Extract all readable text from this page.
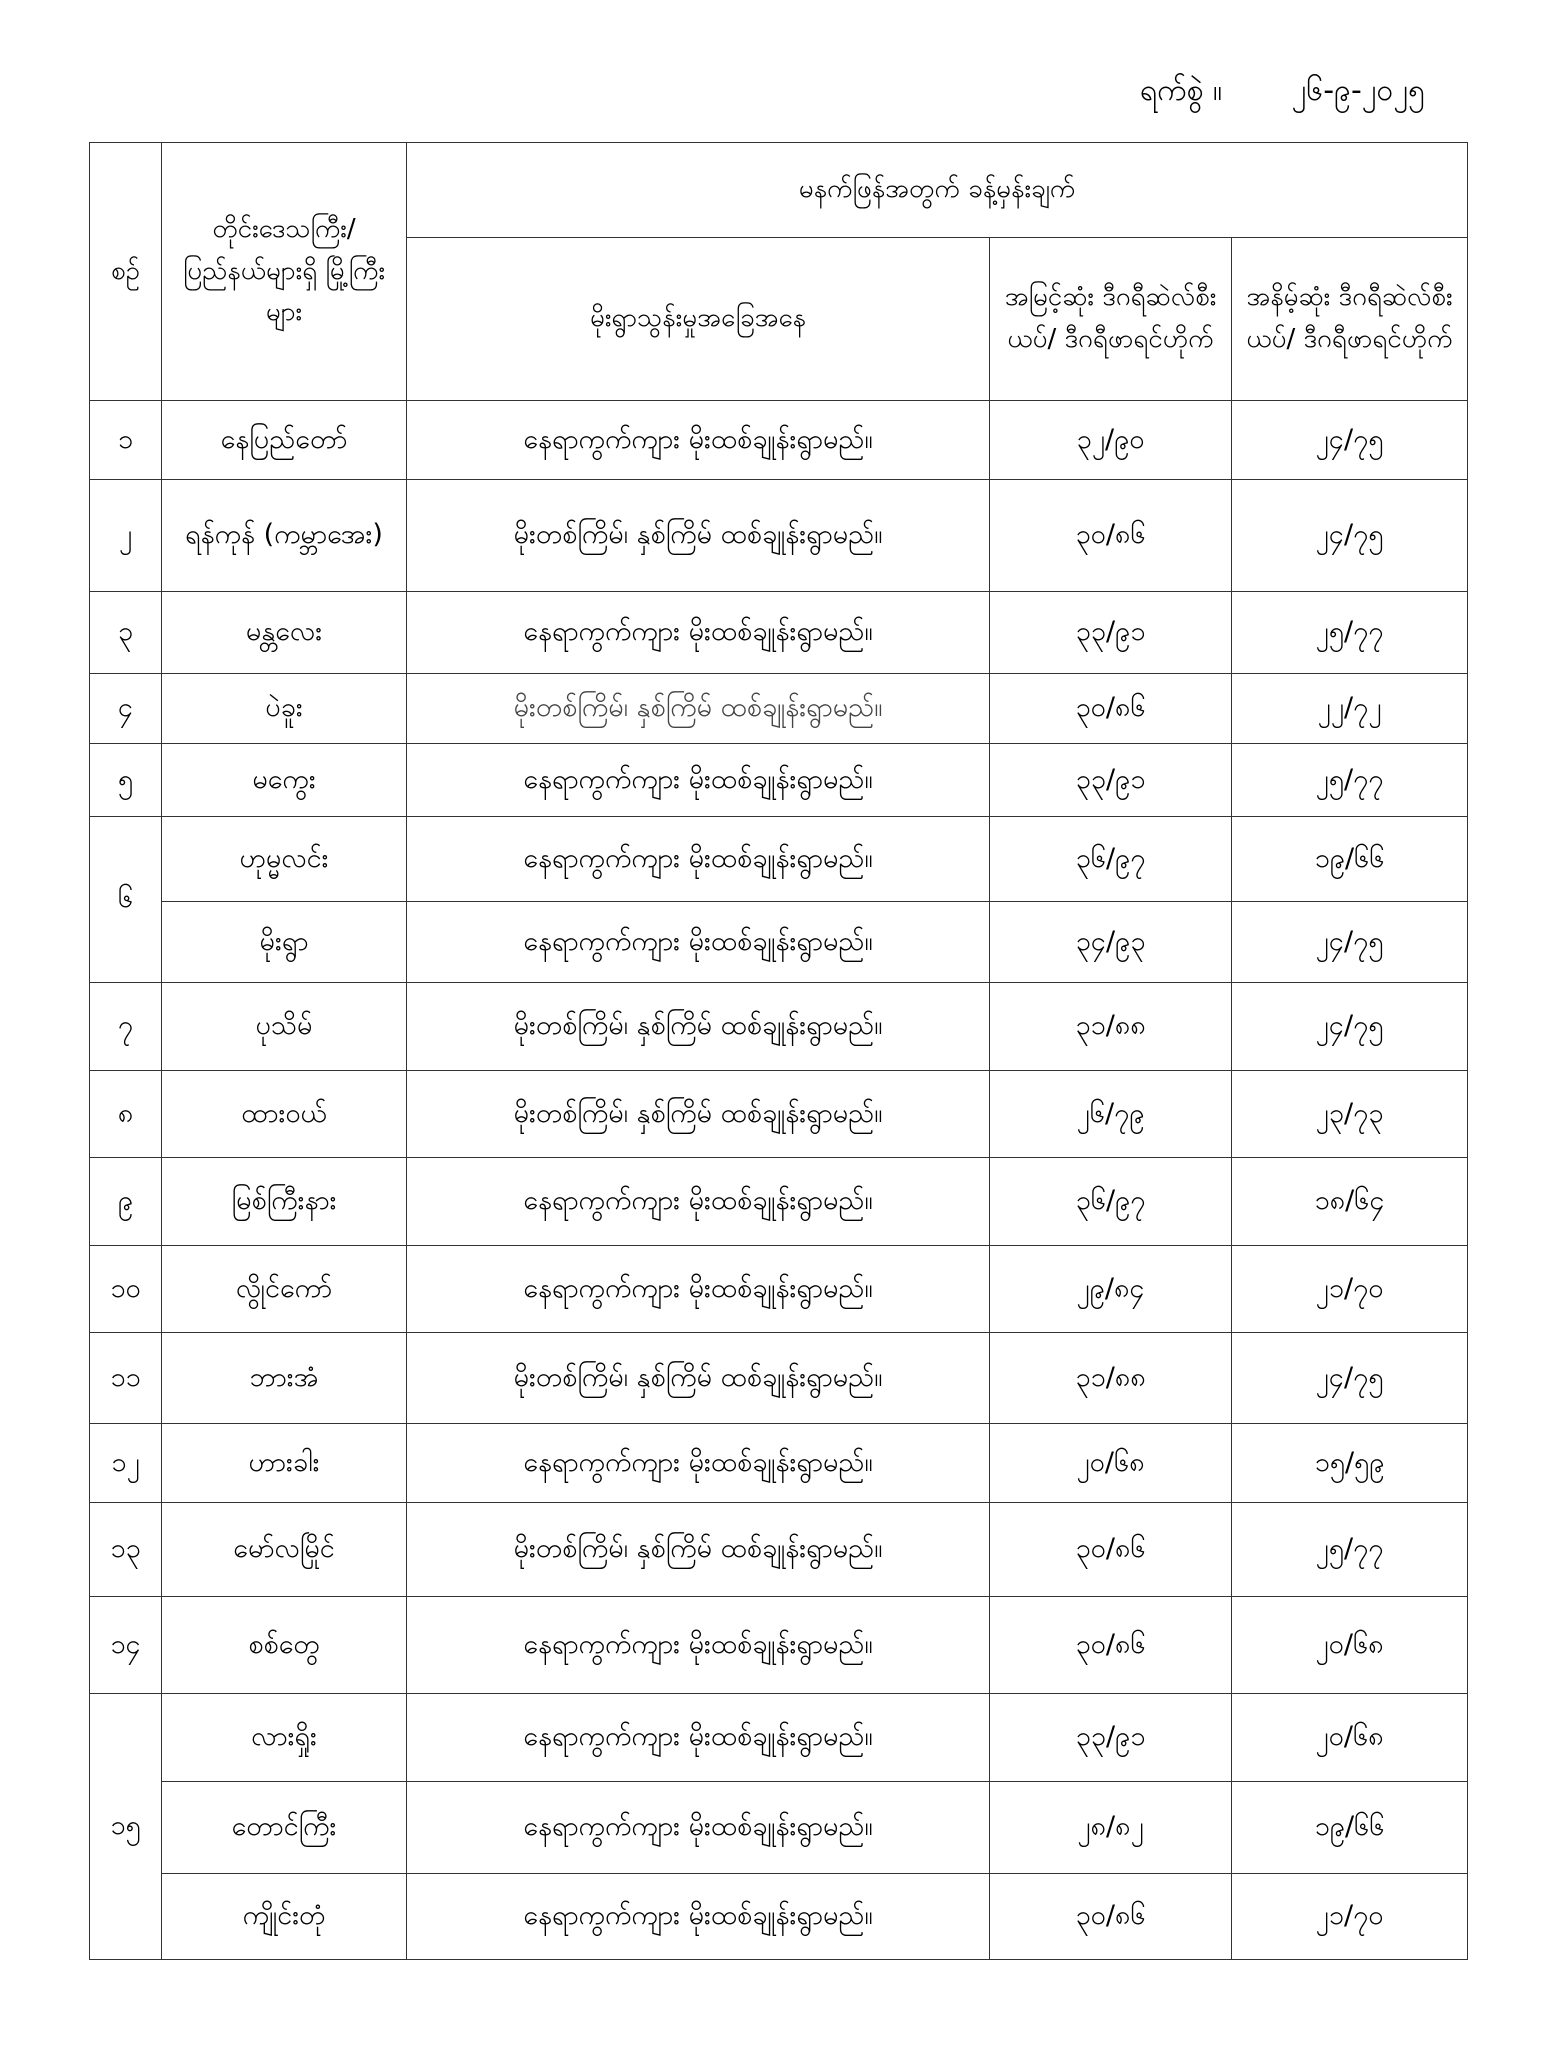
ရက်စွဲ ။ ၂၆-၉-၂၀၂၅
စဉ်	တိုင်းဒေသကြီး/ ပြည်နယ်များရှိ မြို့ကြီးများ	မနက်ဖြန်အတွက် ခန့်မှန်းချက်		
		မိုးရွာသွန်းမှုအခြေအနေ	အမြင့်ဆုံး ဒီဂရီဆဲလ်စီးယပ်/ ဒီဂရီဖာရင်ဟိုက်	အနိမ့်ဆုံး ဒီဂရီဆဲလ်စီးယပ်/ ဒီဂရီဖာရင်ဟိုက်
၁	နေပြည်တော်	နေရာကွက်ကျား မိုးထစ်ချုန်းရွာမည်။	၃၂/၉၀	၂၄/၇၅
၂	ရန်ကုန် (ကမ္ဘာအေး)	မိုးတစ်ကြိမ်၊ နှစ်ကြိမ် ထစ်ချုန်းရွာမည်။	၃၀/၈၆	၂၄/၇၅
၃	မန္တလေး	နေရာကွက်ကျား မိုးထစ်ချုန်းရွာမည်။	၃၃/၉၁	၂၅/၇၇
၄	ပဲခူး	မိုးတစ်ကြိမ်၊ နှစ်ကြိမ် ထစ်ချုန်းရွာမည်။	၃၀/၈၆	၂၂/၇၂
၅	မကွေး	နေရာကွက်ကျား မိုးထစ်ချုန်းရွာမည်။	၃၃/၉၁	၂၅/၇၇
၆	ဟုမ္မလင်း	နေရာကွက်ကျား မိုးထစ်ချုန်းရွာမည်။	၃၆/၉၇	၁၉/၆၆
	မိုးရွာ	နေရာကွက်ကျား မိုးထစ်ချုန်းရွာမည်။	၃၄/၉၃	၂၄/၇၅
၇	ပုသိမ်	မိုးတစ်ကြိမ်၊ နှစ်ကြိမ် ထစ်ချုန်းရွာမည်။	၃၁/၈၈	၂၄/၇၅
၈	ထားဝယ်	မိုးတစ်ကြိမ်၊ နှစ်ကြိမ် ထစ်ချုန်းရွာမည်။	၂၆/၇၉	၂၃/၇၃
၉	မြစ်ကြီးနား	နေရာကွက်ကျား မိုးထစ်ချုန်းရွာမည်။	၃၆/၉၇	၁၈/၆၄
၁၀	လွိုင်ကော်	နေရာကွက်ကျား မိုးထစ်ချုန်းရွာမည်။	၂၉/၈၄	၂၁/၇၀
၁၁	ဘားအံ	မိုးတစ်ကြိမ်၊ နှစ်ကြိမ် ထစ်ချုန်းရွာမည်။	၃၁/၈၈	၂၄/၇၅
၁၂	ဟားခါး	နေရာကွက်ကျား မိုးထစ်ချုန်းရွာမည်။	၂၀/၆၈	၁၅/၅၉
၁၃	မော်လမြိုင်	မိုးတစ်ကြိမ်၊ နှစ်ကြိမ် ထစ်ချုန်းရွာမည်။	၃၀/၈၆	၂၅/၇၇
၁၄	စစ်တွေ	နေရာကွက်ကျား မိုးထစ်ချုန်းရွာမည်။	၃၀/၈၆	၂၀/၆၈
၁၅	လားရှိုး	နေရာကွက်ကျား မိုးထစ်ချုန်းရွာမည်။	၃၃/၉၁	၂၀/၆၈
	တောင်ကြီး	နေရာကွက်ကျား မိုးထစ်ချုန်းရွာမည်။	၂၈/၈၂	၁၉/၆၆
	ကျိုင်းတုံ	နေရာကွက်ကျား မိုးထစ်ချုန်းရွာမည်။	၃၀/၈၆	၂၁/၇၀
